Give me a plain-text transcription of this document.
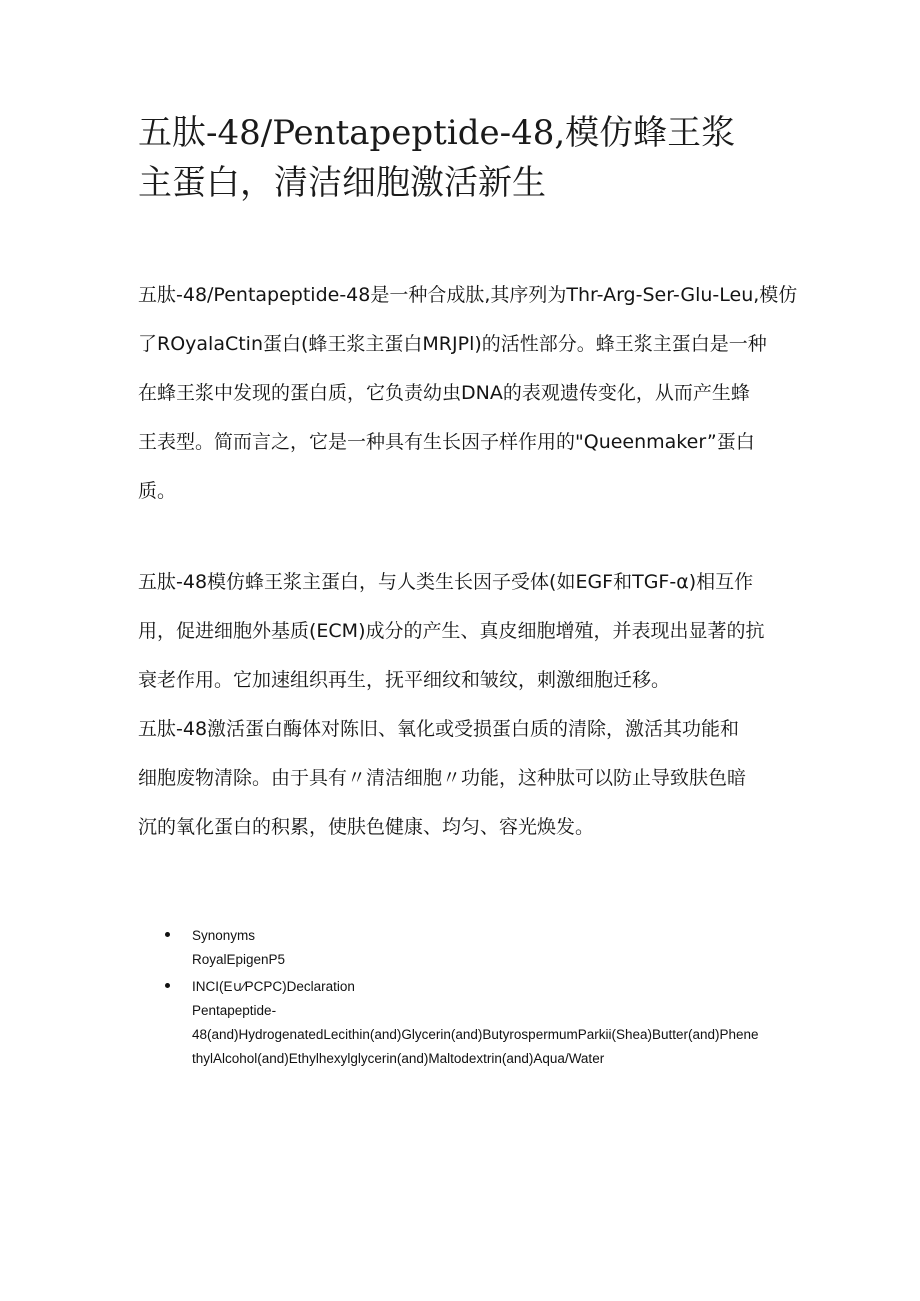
五肽-48/Pentapeptide-48,模仿蜂王浆
主蛋白，清洁细胞激活新生

五肽-48∕Pentapeptide-48是一种合成肽,其序列为Thr-Arg-Ser-Glu-Leu,模仿
了ROyalaCtin蛋白(蜂王浆主蛋白MRJPl)的活性部分。蜂王浆主蛋白是一种
在蜂王浆中发现的蛋白质，它负责幼虫DNA的表观遗传变化，从而产生蜂
王表型。简而言之，它是一种具有生长因子样作用的"Queenmaker”蛋白
质。

五肽-48模仿蜂王浆主蛋白，与人类生长因子受体(如EGF和TGF-α)相互作
用，促进细胞外基质(ECM)成分的产生、真皮细胞增殖，并表现出显著的抗
衰老作用。它加速组织再生，抚平细纹和皱纹，刺激细胞迁移。

五肽-48激活蛋白酶体对陈旧、氧化或受损蛋白质的清除，激活其功能和
细胞废物清除。由于具有〃清洁细胞〃功能，这种肽可以防止导致肤色暗
沉的氧化蛋白的积累，使肤色健康、均匀、容光焕发。

Synonyms
RoyalEpigenP5
INCI(E∪∕PCPC)Declaration
Pentapeptide-
48(and)HydrogenatedLecithin(and)Glycerin(and)ButyrospermumParkii(Shea)Butter(and)Phene
thylAlcohol(and)Ethylhexylglycerin(and)Maltodextrin(and)Aqua/Water
